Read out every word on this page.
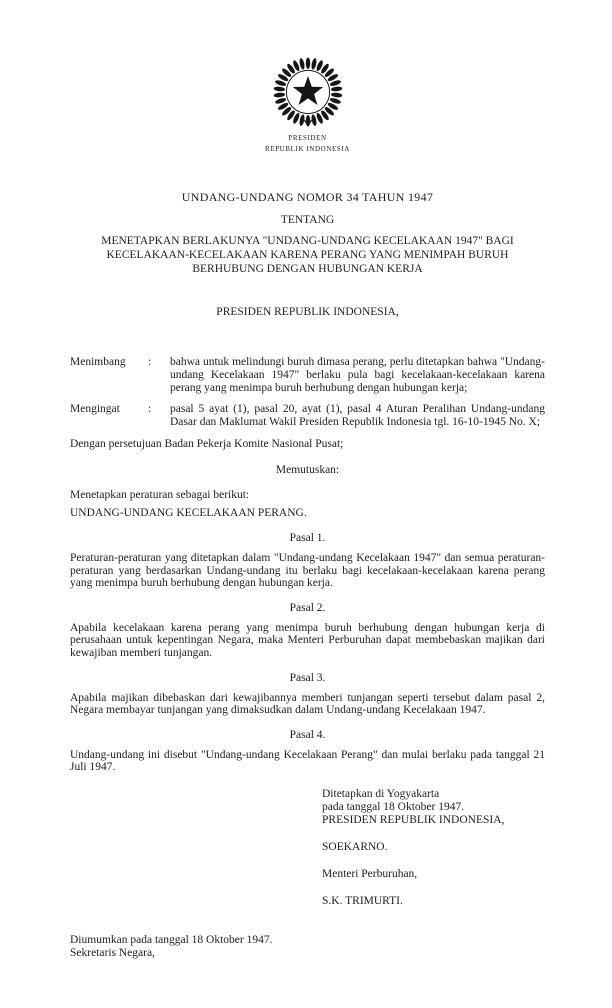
PRESIDEN
REPUBLIK INDONESIA
UNDANG-UNDANG NOMOR 34 TAHUN 1947
TENTANG
MENETAPKAN BERLAKUNYA "UNDANG-UNDANG KECELAKAAN 1947" BAGI KECELAKAAN-KECELAKAAN KARENA PERANG YANG MENIMPAH BURUH BERHUBUNG DENGAN HUBUNGAN KERJA
PRESIDEN REPUBLIK INDONESIA,
Menimbang	:	bahwa untuk melindungi buruh dimasa perang, perlu ditetapkan bahwa "Undang-undang Kecelakaan 1947" berlaku pula bagi kecelakaan-kecelakaan karena perang yang menimpa buruh berhubung dengan hubungan kerja;
Mengingat	:	pasal 5 ayat (1), pasal 20, ayat (1), pasal 4 Aturan Peralihan Undang-undang Dasar dan Maklumat Wakil Presiden Republik Indonesia tgl. 16-10-1945 No. X;
Dengan persetujuan Badan Pekerja Komite Nasional Pusat;
Memutuskan:
Menetapkan peraturan sebagai berikut:
UNDANG-UNDANG KECELAKAAN PERANG.
Pasal 1.
Peraturan-peraturan yang ditetapkan dalam "Undang-undang Kecelakaan 1947" dan semua peraturan-peraturan yang berdasarkan Undang-undang itu berlaku bagi kecelakaan-kecelakaan karena perang yang menimpa buruh berhubung dengan hubungan kerja.
Pasal 2.
Apabila kecelakaan karena perang yang menimpa buruh berhubung dengan hubungan kerja di perusahaan untuk kepentingan Negara, maka Menteri Perburuhan dapat membebaskan majikan dari kewajiban memberi tunjangan.
Pasal 3.
Apabila majikan dibebaskan dari kewajibannya memberi tunjangan seperti tersebut dalam pasal 2, Negara membayar tunjangan yang dimaksudkan dalam Undang-undang Kecelakaan 1947.
Pasal 4.
Undang-undang ini disebut "Undang-undang Kecelakaan Perang" dan mulai berlaku pada tanggal 21 Juli 1947.
Ditetapkan di Yogyakarta
pada tanggal 18 Oktober 1947.
PRESIDEN REPUBLIK INDONESIA,
SOEKARNO.
Menteri Perburuhan,
S.K. TRIMURTI.
Diumumkan pada tanggal 18 Oktober 1947.
Sekretaris Negara,
